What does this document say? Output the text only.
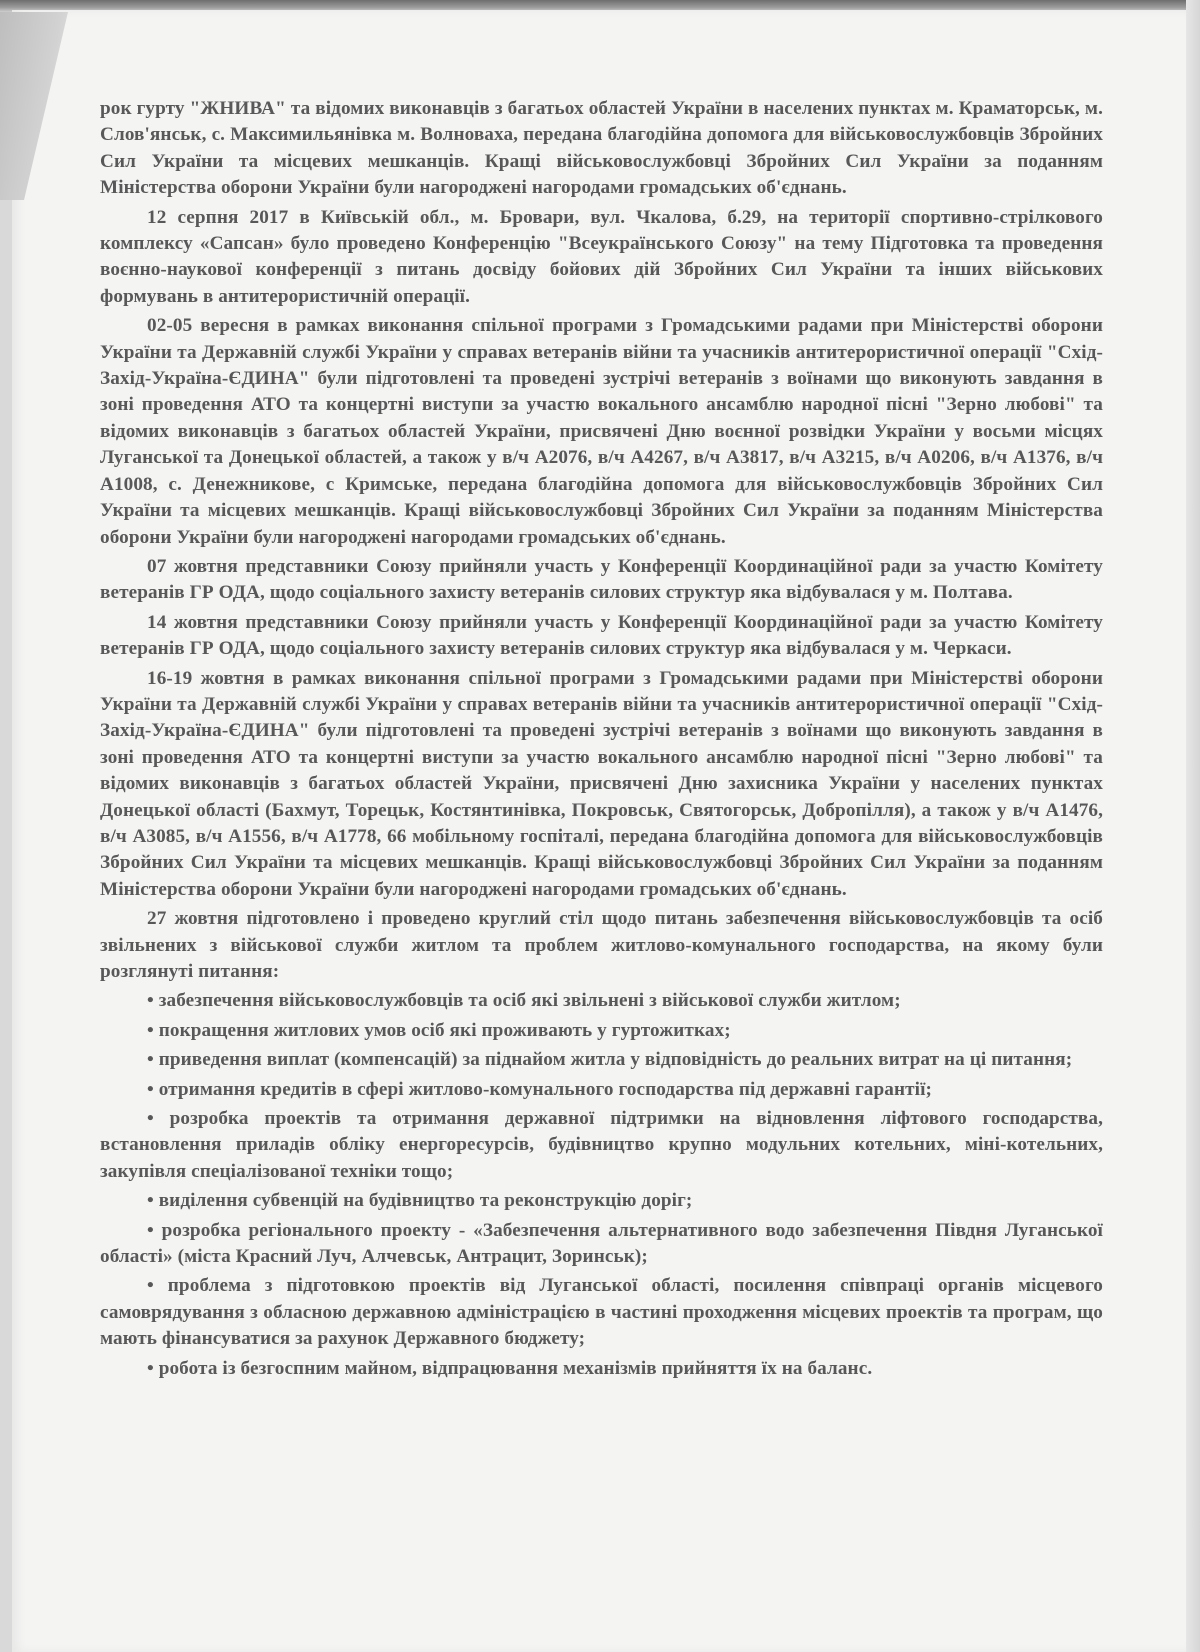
рок гурту "ЖНИВА" та відомих виконавців з багатьох областей України в населених пунктах м. Краматорськ, м. Слов'янськ, с. Максимильянівка м. Волноваха, передана благодійна допомога для військовослужбовців Збройних Сил України та місцевих мешканців. Кращі військовослужбовці Збройних Сил України за поданням Міністерства оборони України були нагороджені нагородами громадських об'єднань.

12 серпня 2017 в Київській обл., м. Бровари, вул. Чкалова, б.29, на території спортивно-стрілкового комплексу «Сапсан» було проведено Конференцію "Всеукраїнського Союзу" на тему Підготовка та проведення воєнно-наукової конференції з питань досвіду бойових дій Збройних Сил України та інших військових формувань в антитерористичній операції.

02-05 вересня в рамках виконання спільної програми з Громадськими радами при Міністерстві оборони України та Державній службі України у справах ветеранів війни та учасників антитерористичної операції "Схід-Захід-Україна-ЄДИНА" були підготовлені та проведені зустрічі ветеранів з воїнами що виконують завдання в зоні проведення АТО та концертні виступи за участю вокального ансамблю народної пісні "Зерно любові" та відомих виконавців з багатьох областей України, присвячені Дню воєнної розвідки України у восьми місцях Луганської та Донецької областей, а також у в/ч А2076, в/ч А4267, в/ч А3817, в/ч А3215, в/ч А0206, в/ч А1376, в/ч А1008, с. Денежникове, с Кримське, передана благодійна допомога для військовослужбовців Збройних Сил України та місцевих мешканців. Кращі військовослужбовці Збройних Сил України за поданням Міністерства оборони України були нагороджені нагородами громадських об'єднань.

07 жовтня представники Союзу прийняли участь у Конференції Координаційної ради за участю Комітету ветеранів ГР ОДА, щодо соціального захисту ветеранів силових структур яка відбувалася у м. Полтава.

14 жовтня представники Союзу прийняли участь у Конференції Координаційної ради за участю Комітету ветеранів ГР ОДА, щодо соціального захисту ветеранів силових структур яка відбувалася у м. Черкаси.

16-19 жовтня в рамках виконання спільної програми з Громадськими радами при Міністерстві оборони України та Державній службі України у справах ветеранів війни та учасників антитерористичної операції "Схід-Захід-Україна-ЄДИНА" були підготовлені та проведені зустрічі ветеранів з воїнами що виконують завдання в зоні проведення АТО та концертні виступи за участю вокального ансамблю народної пісні "Зерно любові" та відомих виконавців з багатьох областей України, присвячені Дню захисника України у населених пунктах Донецької області (Бахмут, Торецьк, Костянтинівка, Покровськ, Святогорськ, Добропілля), а також у в/ч А1476, в/ч А3085, в/ч А1556, в/ч А1778, 66 мобільному госпіталі, передана благодійна допомога для військовослужбовців Збройних Сил України та місцевих мешканців. Кращі військовослужбовці Збройних Сил України за поданням Міністерства оборони України були нагороджені нагородами громадських об'єднань.

27 жовтня підготовлено і проведено круглий стіл щодо питань забезпечення військовослужбовців та осіб звільнених з військової служби житлом та проблем житлово-комунального господарства, на якому були розглянуті питання:

• забезпечення військовослужбовців та осіб які звільнені з військової служби житлом;

• покращення житлових умов осіб які проживають у гуртожитках;

• приведення виплат (компенсацій) за піднайом житла у відповідність до реальних витрат на ці питання;

• отримання кредитів в сфері житлово-комунального господарства під державні гарантії;

• розробка проектів та отримання державної підтримки на відновлення ліфтового господарства, встановлення приладів обліку енергоресурсів, будівництво крупно модульних котельних, міні-котельних, закупівля спеціалізованої техніки тощо;

• виділення субвенцій на будівництво та реконструкцію доріг;

• розробка регіонального проекту - «Забезпечення альтернативного водо забезпечення Півдня Луганської області» (міста Красний Луч, Алчевськ, Антрацит, Зоринськ);

• проблема з підготовкою проектів від Луганської області, посилення співпраці органів місцевого самоврядування з обласною державною адміністрацією в частині проходження місцевих проектів та програм, що мають фінансуватися за рахунок Державного бюджету;

• робота із безгоспним майном, відпрацювання механізмів прийняття їх на баланс.
